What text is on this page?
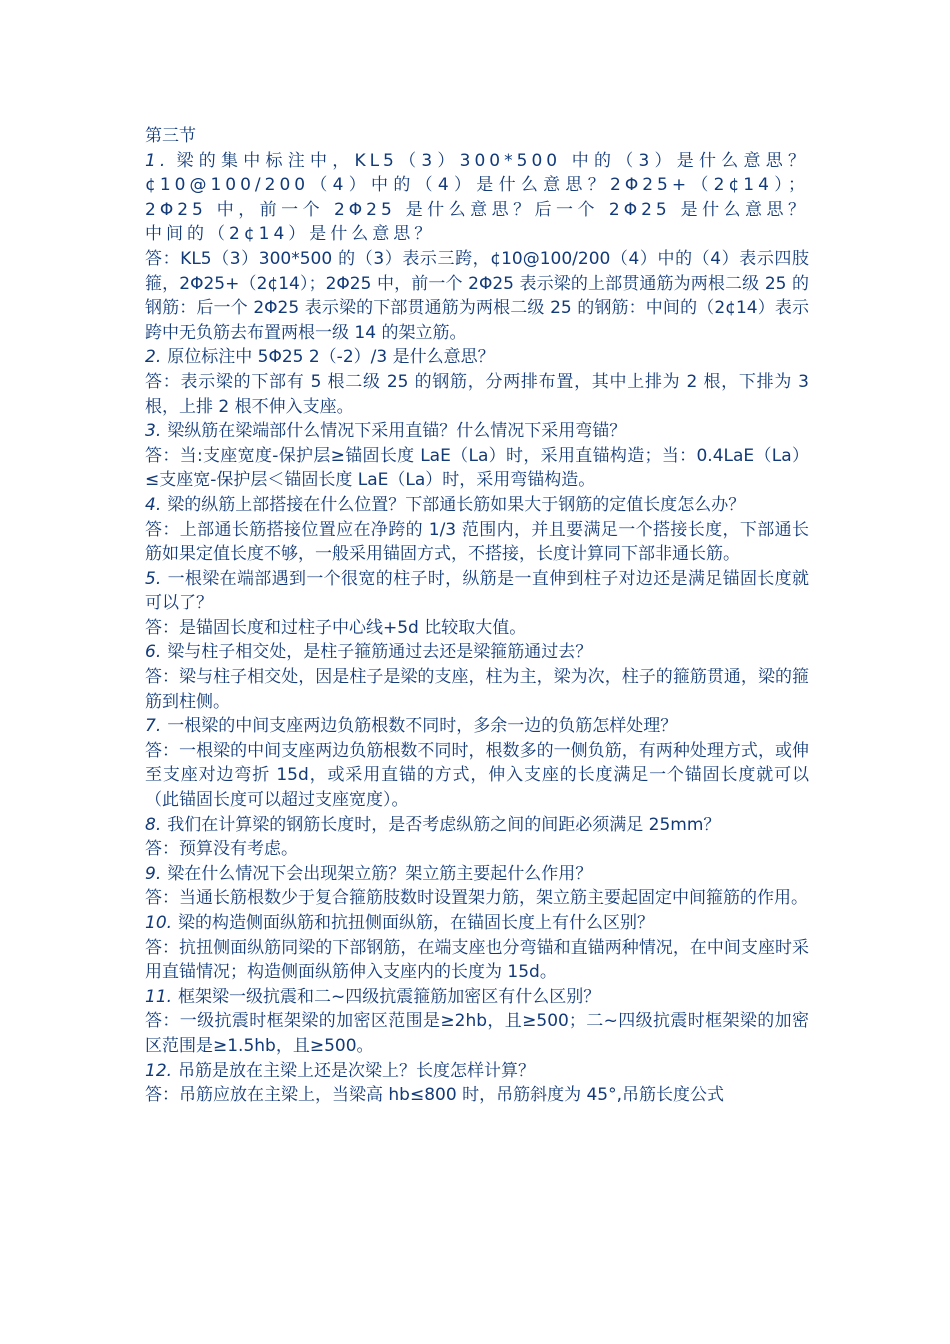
第三节
1. 梁的集中标注中，KL5（3）300*500 中的（3）是什么意思？¢10@100/200（4）中的（4）是什么意思？2Φ25+（2¢14）；2Φ25 中，前一个 2Φ25 是什么意思？后一个 2Φ25 是什么意思？中间的（2¢14）是什么意思？
答：KL5（3）300*500 的（3）表示三跨，¢10@100/200（4）中的（4）表示四肢箍，2Φ25+（2¢14）；2Φ25 中，前一个 2Φ25 表示梁的上部贯通筋为两根二级 25 的钢筋：后一个 2Φ25 表示梁的下部贯通筋为两根二级 25 的钢筋：中间的（2¢14）表示跨中无负筋去布置两根一级 14 的架立筋。
2. 原位标注中 5Φ25 2（-2）/3 是什么意思？
答：表示梁的下部有 5 根二级 25 的钢筋，分两排布置，其中上排为 2 根，下排为 3 根，上排 2 根不伸入支座。
3. 梁纵筋在梁端部什么情况下采用直锚？什么情况下采用弯锚？
答：当:支座宽度-保护层≥锚固长度 LaE（La）时，采用直锚构造；当：0.4LaE（La）≤支座宽-保护层＜锚固长度 LaE（La）时，采用弯锚构造。
4. 梁的纵筋上部搭接在什么位置？下部通长筋如果大于钢筋的定值长度怎么办？
答：上部通长筋搭接位置应在净跨的 1/3 范围内，并且要满足一个搭接长度，下部通长筋如果定值长度不够，一般采用锚固方式，不搭接，长度计算同下部非通长筋。
5. 一根梁在端部遇到一个很宽的柱子时，纵筋是一直伸到柱子对边还是满足锚固长度就可以了？
答：是锚固长度和过柱子中心线+5d 比较取大值。
6. 梁与柱子相交处，是柱子箍筋通过去还是梁箍筋通过去？
答：梁与柱子相交处，因是柱子是梁的支座，柱为主，梁为次，柱子的箍筋贯通，梁的箍筋到柱侧。
7. 一根梁的中间支座两边负筋根数不同时，多余一边的负筋怎样处理？
答：一根梁的中间支座两边负筋根数不同时，根数多的一侧负筋，有两种处理方式，或伸至支座对边弯折 15d，或采用直锚的方式，伸入支座的长度满足一个锚固长度就可以（此锚固长度可以超过支座宽度）。
8. 我们在计算梁的钢筋长度时，是否考虑纵筋之间的间距必须满足 25mm？
答：预算没有考虑。
9. 梁在什么情况下会出现架立筋？架立筋主要起什么作用？
答：当通长筋根数少于复合箍筋肢数时设置架力筋，架立筋主要起固定中间箍筋的作用。
10. 梁的构造侧面纵筋和抗扭侧面纵筋，在锚固长度上有什么区别？
答：抗扭侧面纵筋同梁的下部钢筋，在端支座也分弯锚和直锚两种情况，在中间支座时采用直锚情况；构造侧面纵筋伸入支座内的长度为 15d。
11. 框架梁一级抗震和二~四级抗震箍筋加密区有什么区别？
答：一级抗震时框架梁的加密区范围是≥2hb，且≥500；二~四级抗震时框架梁的加密区范围是≥1.5hb，且≥500。
12. 吊筋是放在主梁上还是次梁上？长度怎样计算？
答：吊筋应放在主梁上，当梁高 hb≤800 时，吊筋斜度为 45°,吊筋长度公式
